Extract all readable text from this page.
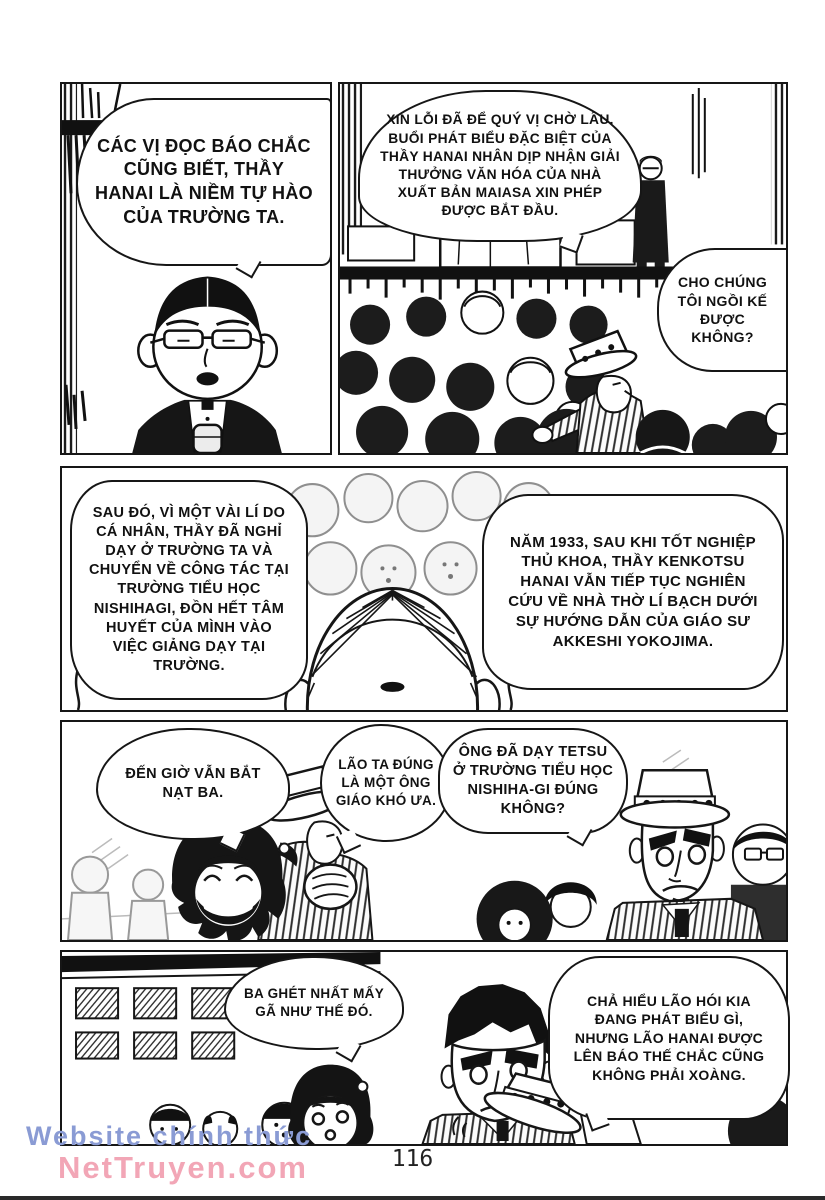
CÁC VỊ ĐỌC BÁO CHẮC CŨNG BIẾT, THẦY HANAI LÀ NIỀM TỰ HÀO CỦA TRƯỜNG TA.
XIN LỖI ĐÃ ĐỂ QUÝ VỊ CHỜ LÂU. BUỔI PHÁT BIỂU ĐẶC BIỆT CỦA THẦY HANAI NHÂN DỊP NHẬN GIẢI THƯỞNG VĂN HÓA CỦA NHÀ XUẤT BẢN MAIASA XIN PHÉP ĐƯỢC BẮT ĐẦU.
CHO CHÚNG TÔI NGỒI KẾ ĐƯỢC KHÔNG?
SAU ĐÓ, VÌ MỘT VÀI LÍ DO CÁ NHÂN, THẦY ĐÃ NGHỈ DẠY Ở TRƯỜNG TA VÀ CHUYỂN VỀ CÔNG TÁC TẠI TRƯỜNG TIỂU HỌC NISHIHAGI, ĐỒN HẾT TÂM HUYẾT CỦA MÌNH VÀO VIỆC GIẢNG DẠY TẠI TRƯỜNG.
NĂM 1933, SAU KHI TỐT NGHIỆP THỦ KHOA, THẦY KENKOTSU HANAI VẪN TIẾP TỤC NGHIÊN CỨU VỀ NHÀ THỜ LÍ BẠCH DƯỚI SỰ HƯỚNG DẪN CỦA GIÁO SƯ AKKESHI YOKOJIMA.
ĐẾN GIỜ VẪN BẮT NẠT BA.
LÃO TA ĐÚNG LÀ MỘT ÔNG GIÁO KHÓ ƯA.
ÔNG ĐÃ DẠY TETSU Ở TRƯỜNG TIỂU HỌC NISHIHA-GI ĐÚNG KHÔNG?
BA GHÉT NHẤT MẤY GÃ NHƯ THẾ ĐÓ.
CHẢ HIỂU LÃO HÓI KIA ĐANG PHÁT BIỂU GÌ, NHƯNG LÃO HANAI ĐƯỢC LÊN BÁO THẾ CHẮC CŨNG KHÔNG PHẢI XOÀNG.
Website chính thức
NetTruyen.com	116
